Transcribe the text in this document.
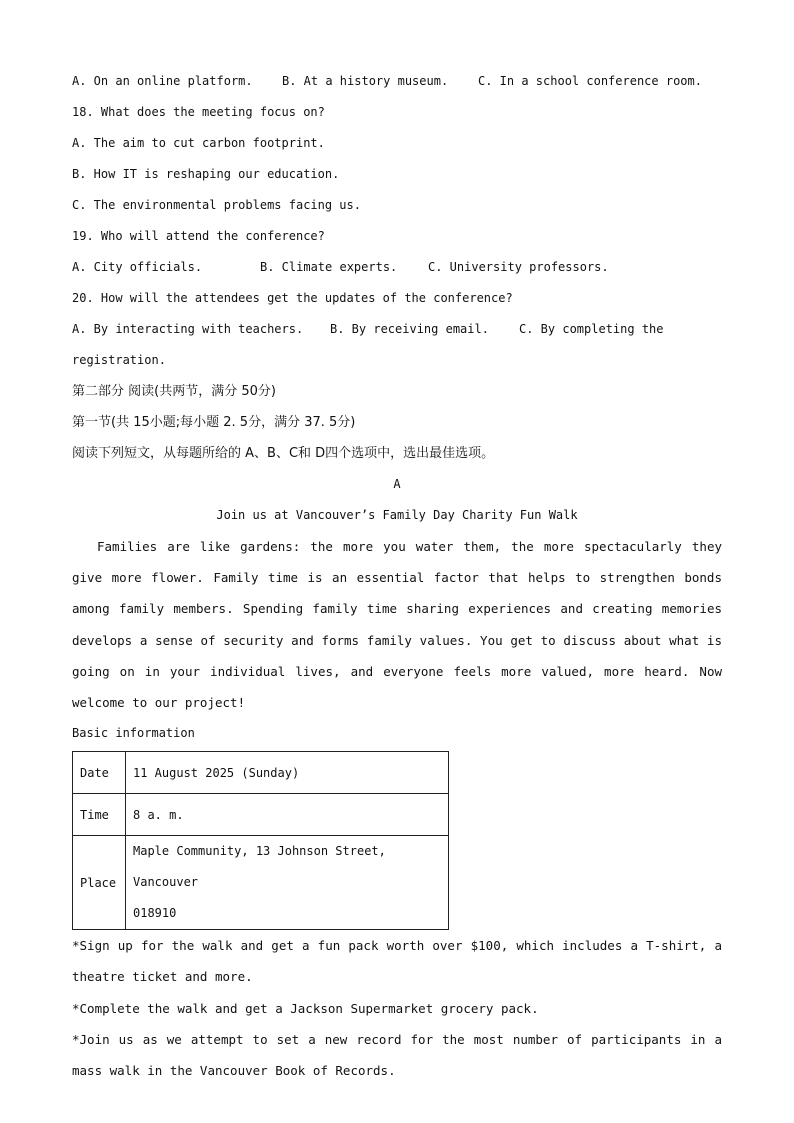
A. On an online platform. B. At a history museum. C. In a school conference room.
18. What does the meeting focus on?
A. The aim to cut carbon footprint.
B. How IT is reshaping our education.
C. The environmental problems facing us.
19. Who will attend the conference?
A. City officials.	B. Climate experts.	C. University professors.
20. How will the attendees get the updates of the conference?
A. By interacting with teachers. B. By receiving email.	C. By completing the
registration.
第二部分 阅读(共两节，满分 50分)
第一节(共 15小题;每小题 2. 5分，满分 37. 5分)
阅读下列短文，从每题所给的 A、B、C和 D四个选项中，选出最佳选项。
A
Join us at Vancouver’s Family Day Charity Fun Walk

Families are like gardens: the more you water them, the more spectacularly they give more flower. Family time is an essential factor that helps to strengthen bonds among family members. Spending family time sharing experiences and creating memories develops a sense of security and forms family values. You get to discuss about what is going on in your individual lives, and everyone feels more valued, more heard. Now welcome to our project!

Basic information
Date	11 August 2025 (Sunday)
Time	8 a. m.
Place	Maple Community, 13 Johnson Street, Vancouver
018910

*Sign up for the walk and get a fun pack worth over $100, which includes a T-shirt, a theatre ticket and more.

*Complete the walk and get a Jackson Supermarket grocery pack.

*Join us as we attempt to set a new record for the most number of participants in a mass walk in the Vancouver Book of Records.
